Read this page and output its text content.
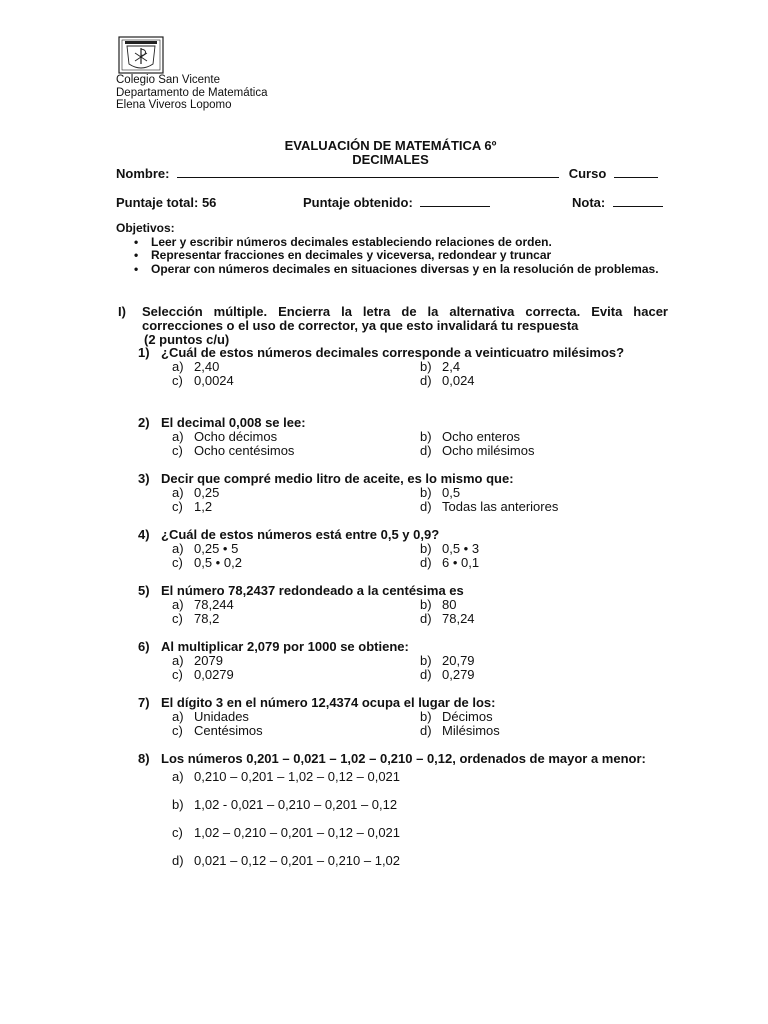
Colegio San Vicente
Departamento de Matemática
Elena Viveros Lopomo
EVALUACIÓN DE MATEMÁTICA 6º
DECIMALES
Nombre:	Curso
Puntaje total: 56	Puntaje obtenido:	Nota:
Objetivos:
• Leer y escribir números decimales estableciendo relaciones de orden.
• Representar fracciones en decimales y viceversa, redondear y truncar
• Operar con números decimales en situaciones diversas y en la resolución de problemas.
I) Selección múltiple. Encierra la letra de la alternativa correcta. Evita hacer correcciones o el uso de corrector, ya que esto invalidará tu respuesta
(2 puntos c/u)
1) ¿Cuál de estos números decimales corresponde a veinticuatro milésimos?
a) 2,40	b) 2,4
c) 0,0024	d) 0,024
2) El decimal 0,008 se lee:
a) Ocho décimos	b) Ocho enteros
c) Ocho centésimos	d) Ocho milésimos
3) Decir que compré medio litro de aceite, es lo mismo que:
a) 0,25	b) 0,5
c) 1,2	d) Todas las anteriores
4) ¿Cuál de estos números está entre 0,5 y 0,9?
a) 0,25 • 5	b) 0,5 • 3
c) 0,5 • 0,2	d) 6 • 0,1
5) El número 78,2437 redondeado a la centésima es
a) 78,244	b) 80
c) 78,2	d) 78,24
6) Al multiplicar 2,079 por 1000 se obtiene:
a) 2079	b) 20,79
c) 0,0279	d) 0,279
7) El dígito 3 en el número 12,4374 ocupa el lugar de los:
a) Unidades	b) Décimos
c) Centésimos	d) Milésimos
8) Los números 0,201 – 0,021 – 1,02 – 0,210 – 0,12, ordenados de mayor a menor:
a) 0,210 – 0,201 – 1,02 – 0,12 – 0,021
b) 1,02 - 0,021 – 0,210 – 0,201 – 0,12
c) 1,02 – 0,210 – 0,201 – 0,12 – 0,021
d) 0,021 – 0,12 – 0,201 – 0,210 – 1,02
